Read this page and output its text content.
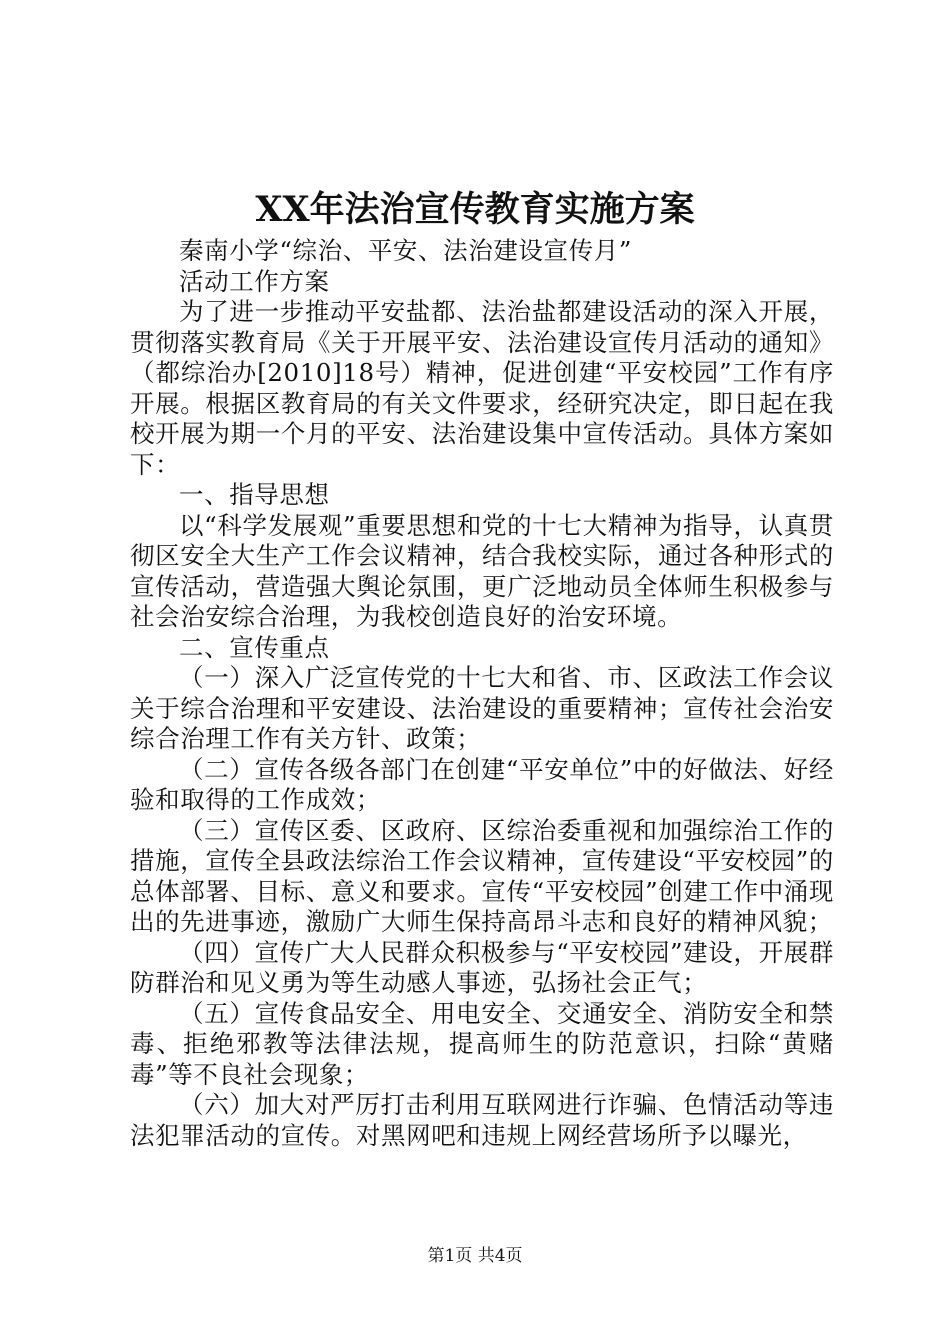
XX年法治宣传教育实施方案

秦南小学“综治、平安、法治建设宣传月”

活动工作方案

为了进一步推动平安盐都、法治盐都建设活动的深入开展，贯彻落实教育局《关于开展平安、法治建设宣传月活动的通知》（都综治办[2010]18号）精神，促进创建“平安校园”工作有序开展。根据区教育局的有关文件要求，经研究决定，即日起在我校开展为期一个月的平安、法治建设集中宣传活动。具体方案如下：

一、指导思想

以“科学发展观”重要思想和党的十七大精神为指导，认真贯彻区安全大生产工作会议精神，结合我校实际，通过各种形式的宣传活动，营造强大舆论氛围，更广泛地动员全体师生积极参与社会治安综合治理，为我校创造良好的治安环境。

二、宣传重点

（一）深入广泛宣传党的十七大和省、市、区政法工作会议关于综合治理和平安建设、法治建设的重要精神；宣传社会治安综合治理工作有关方针、政策；

（二）宣传各级各部门在创建“平安单位”中的好做法、好经验和取得的工作成效；

（三）宣传区委、区政府、区综治委重视和加强综治工作的措施，宣传全县政法综治工作会议精神，宣传建设“平安校园”的总体部署、目标、意义和要求。宣传“平安校园”创建工作中涌现出的先进事迹，激励广大师生保持高昂斗志和良好的精神风貌；

（四）宣传广大人民群众积极参与“平安校园”建设，开展群防群治和见义勇为等生动感人事迹，弘扬社会正气；

（五）宣传食品安全、用电安全、交通安全、消防安全和禁毒、拒绝邪教等法律法规，提高师生的防范意识，扫除“黄赌毒”等不良社会现象；

（六）加大对严厉打击利用互联网进行诈骗、色情活动等违法犯罪活动的宣传。对黑网吧和违规上网经营场所予以曝光，

第1页 共4页
